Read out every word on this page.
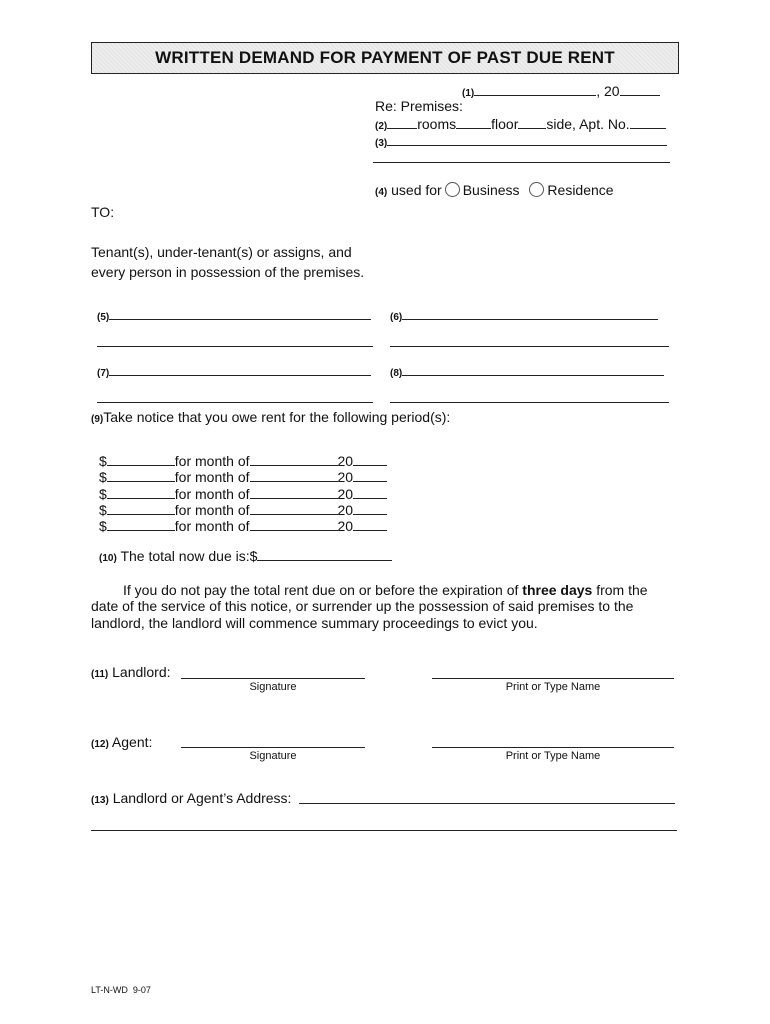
WRITTEN DEMAND FOR PAYMENT OF PAST DUE RENT
(1)	, 20
Re: Premises:
(2) rooms	floor side, Apt. No.
(3)
(4) used for Business Residence
TO:
Tenant(s), under-tenant(s) or assigns, and
every person in possession of the premises.
(5)	(6)
(7)	(8)
(9)Take notice that you owe rent for the following period(s):
$	for month of	20
$	for month of	20
$	for month of	20
$	for month of	20
$	for month of	20
(10) The total now due is:$
If you do not pay the total rent due on or before the expiration of three days from the
date of the service of this notice, or surrender up the possession of said premises to the
landlord, the landlord will commence summary proceedings to evict you.
(11) Landlord:
Signature	Print or Type Name
(12) Agent:
Signature	Print or Type Name
(13) Landlord or Agent’s Address:
LT-N-WD  9-07
